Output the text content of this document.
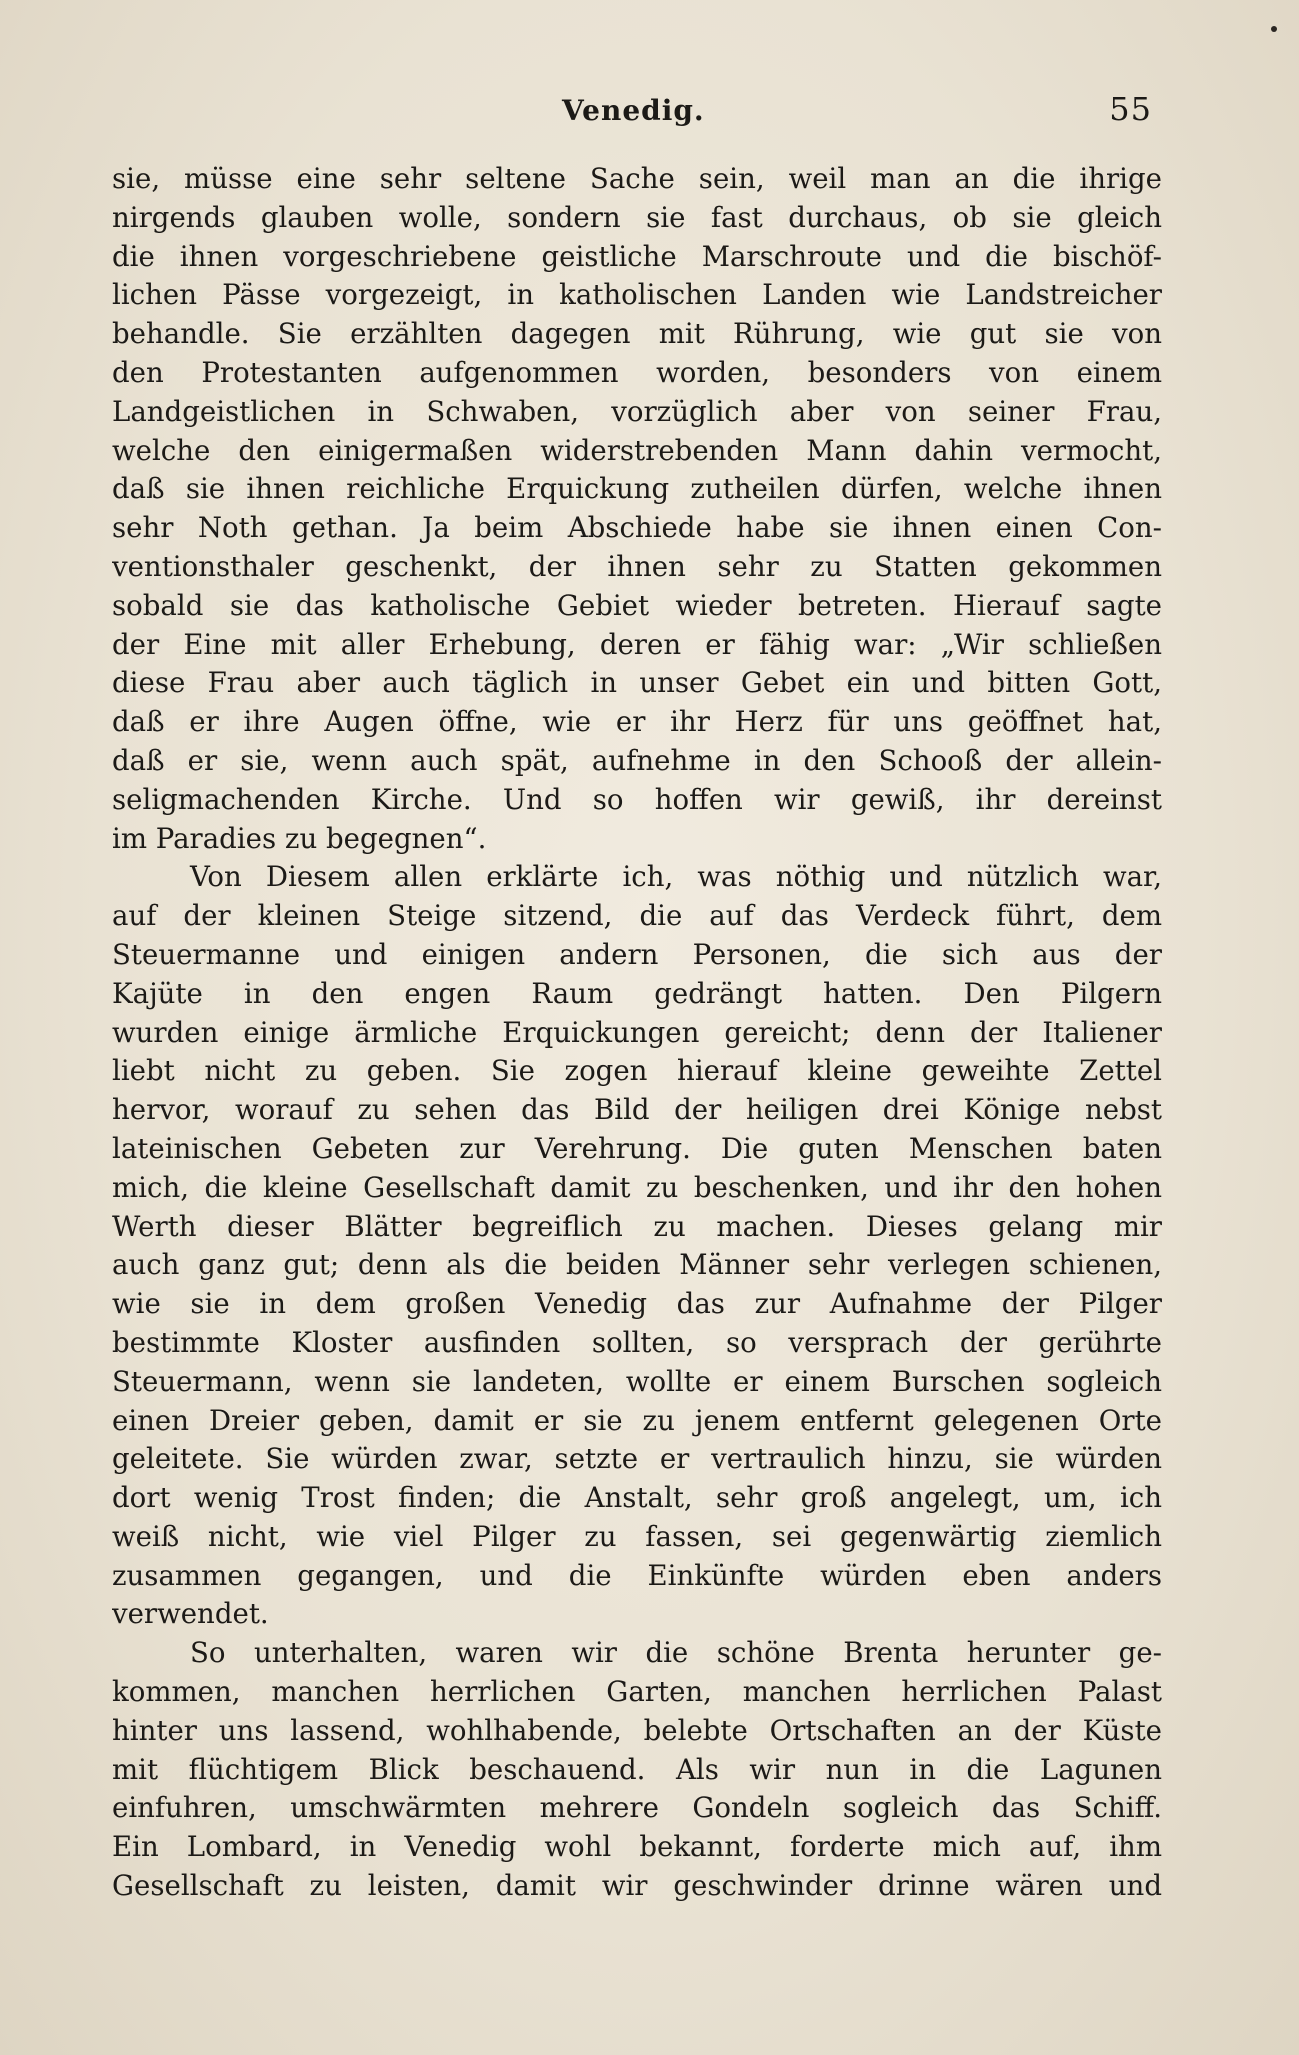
Venedig.	55
sie, müsse eine sehr seltene Sache sein, weil man an die ihrige
nirgends glauben wolle, sondern sie fast durchaus, ob sie gleich
die ihnen vorgeschriebene geistliche Marschroute und die bischöf-
lichen Pässe vorgezeigt, in katholischen Landen wie Landstreicher
behandle. Sie erzählten dagegen mit Rührung, wie gut sie von
den Protestanten aufgenommen worden, besonders von einem
Landgeistlichen in Schwaben, vorzüglich aber von seiner Frau,
welche den einigermaßen widerstrebenden Mann dahin vermocht,
daß sie ihnen reichliche Erquickung zutheilen dürfen, welche ihnen
sehr Noth gethan. Ja beim Abschiede habe sie ihnen einen Con-
ventionsthaler geschenkt, der ihnen sehr zu Statten gekommen
sobald sie das katholische Gebiet wieder betreten. Hierauf sagte
der Eine mit aller Erhebung, deren er fähig war: „Wir schließen
diese Frau aber auch täglich in unser Gebet ein und bitten Gott,
daß er ihre Augen öffne, wie er ihr Herz für uns geöffnet hat,
daß er sie, wenn auch spät, aufnehme in den Schooß der allein-
seligmachenden Kirche. Und so hoffen wir gewiß, ihr dereinst
im Paradies zu begegnen“.
Von Diesem allen erklärte ich, was nöthig und nützlich war,
auf der kleinen Steige sitzend, die auf das Verdeck führt, dem
Steuermanne und einigen andern Personen, die sich aus der
Kajüte in den engen Raum gedrängt hatten. Den Pilgern
wurden einige ärmliche Erquickungen gereicht; denn der Italiener
liebt nicht zu geben. Sie zogen hierauf kleine geweihte Zettel
hervor, worauf zu sehen das Bild der heiligen drei Könige nebst
lateinischen Gebeten zur Verehrung. Die guten Menschen baten
mich, die kleine Gesellschaft damit zu beschenken, und ihr den hohen
Werth dieser Blätter begreiflich zu machen. Dieses gelang mir
auch ganz gut; denn als die beiden Männer sehr verlegen schienen,
wie sie in dem großen Venedig das zur Aufnahme der Pilger
bestimmte Kloster ausfinden sollten, so versprach der gerührte
Steuermann, wenn sie landeten, wollte er einem Burschen sogleich
einen Dreier geben, damit er sie zu jenem entfernt gelegenen Orte
geleitete. Sie würden zwar, setzte er vertraulich hinzu, sie würden
dort wenig Trost finden; die Anstalt, sehr groß angelegt, um, ich
weiß nicht, wie viel Pilger zu fassen, sei gegenwärtig ziemlich
zusammen gegangen, und die Einkünfte würden eben anders
verwendet.
So unterhalten, waren wir die schöne Brenta herunter ge-
kommen, manchen herrlichen Garten, manchen herrlichen Palast
hinter uns lassend, wohlhabende, belebte Ortschaften an der Küste
mit flüchtigem Blick beschauend. Als wir nun in die Lagunen
einfuhren, umschwärmten mehrere Gondeln sogleich das Schiff.
Ein Lombard, in Venedig wohl bekannt, forderte mich auf, ihm
Gesellschaft zu leisten, damit wir geschwinder drinne wären und
